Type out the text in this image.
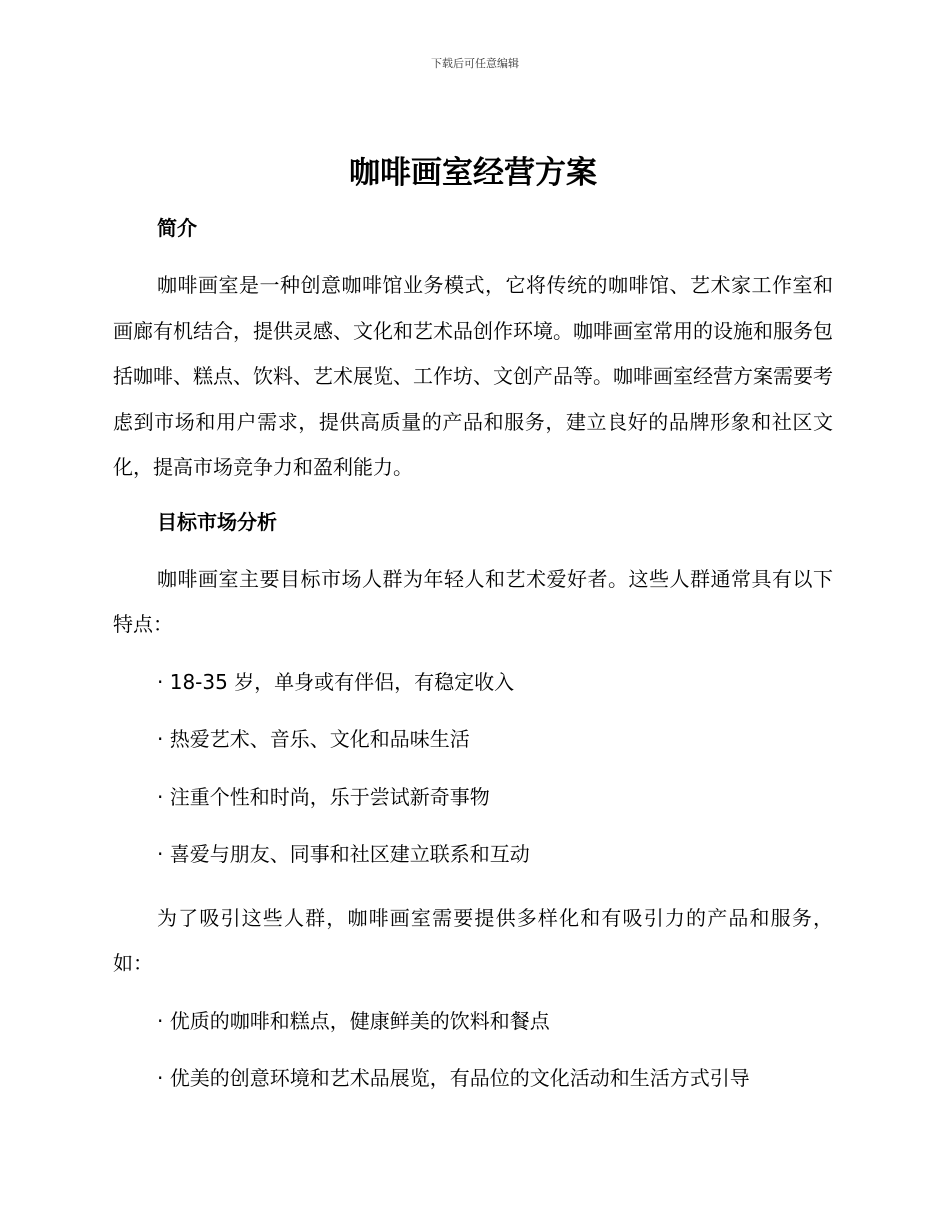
下载后可任意编辑
咖啡画室经营方案
简介

咖啡画室是一种创意咖啡馆业务模式，它将传统的咖啡馆、艺术家工作室和画廊有机结合，提供灵感、文化和艺术品创作环境。咖啡画室常用的设施和服务包括咖啡、糕点、饮料、艺术展览、工作坊、文创产品等。咖啡画室经营方案需要考虑到市场和用户需求，提供高质量的产品和服务，建立良好的品牌形象和社区文化，提高市场竞争力和盈利能力。

目标市场分析

咖啡画室主要目标市场人群为年轻人和艺术爱好者。这些人群通常具有以下特点：

· 18-35 岁，单身或有伴侣，有稳定收入
· 热爱艺术、音乐、文化和品味生活
· 注重个性和时尚，乐于尝试新奇事物
· 喜爱与朋友、同事和社区建立联系和互动

为了吸引这些人群，咖啡画室需要提供多样化和有吸引力的产品和服务，如：

· 优质的咖啡和糕点，健康鲜美的饮料和餐点
· 优美的创意环境和艺术品展览，有品位的文化活动和生活方式引导
